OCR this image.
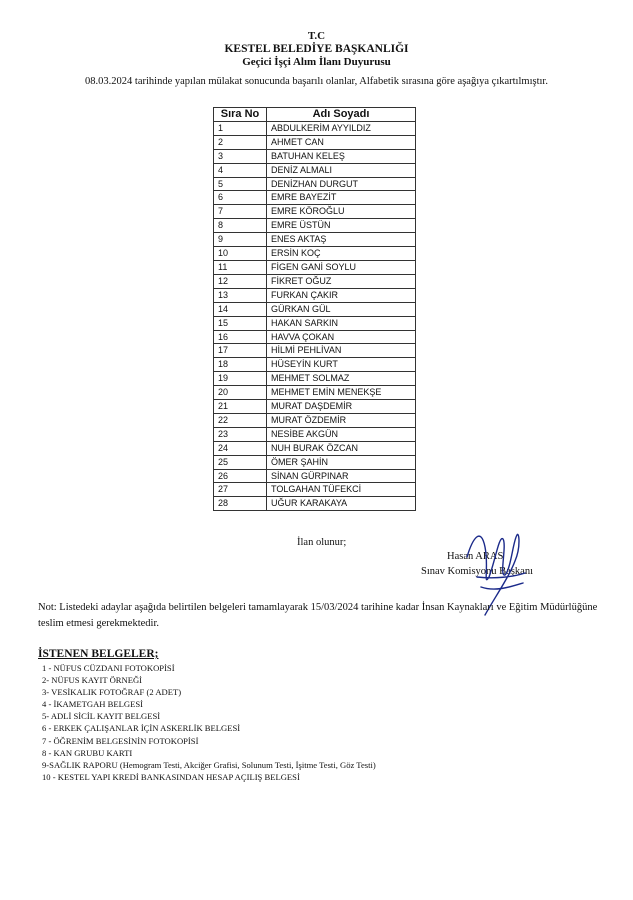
T.C
KESTEL BELEDİYE BAŞKANLIĞI
Geçici İşçi Alım İlanı Duyurusu
08.03.2024 tarihinde yapılan mülakat sonucunda başarılı olanlar, Alfabetik sırasına göre aşağıya çıkartılmıştır.
Sıra No	Adı Soyadı
1	ABDULKERİM AYYILDIZ
2	AHMET CAN
3	BATUHAN KELEŞ
4	DENİZ ALMALI
5	DENİZHAN DURGUT
6	EMRE BAYEZİT
7	EMRE KÖROĞLU
8	EMRE ÜSTÜN
9	ENES AKTAŞ
10	ERSİN KOÇ
11	FİGEN GANİ SOYLU
12	FİKRET OĞUZ
13	FURKAN ÇAKIR
14	GÜRKAN GÜL
15	HAKAN SARKIN
16	HAVVA ÇOKAN
17	HİLMİ PEHLİVAN
18	HÜSEYİN KURT
19	MEHMET SOLMAZ
20	MEHMET EMİN MENEKŞE
21	MURAT DAŞDEMİR
22	MURAT ÖZDEMİR
23	NESİBE AKGÜN
24	NUH BURAK ÖZCAN
25	ÖMER ŞAHİN
26	SİNAN GÜRPINAR
27	TOLGAHAN TÜFEKCİ
28	UĞUR KARAKAYA
İlan olunur;
Hasan ARAS
Sınav Komisyonu Başkanı
Not: Listedeki adaylar aşağıda belirtilen belgeleri tamamlayarak 15/03/2024 tarihine kadar İnsan Kaynakları ve Eğitim Müdürlüğüne teslim etmesi gerekmektedir.
İSTENEN BELGELER;
1 - NÜFUS CÜZDANI FOTOKOPİSİ
2- NÜFUS KAYIT ÖRNEĞİ
3- VESİKALIK FOTOĞRAF (2 ADET)
4 - İKAMETGAH BELGESİ
5- ADLİ SİCİL KAYIT BELGESİ
6 - ERKEK ÇALIŞANLAR İÇİN ASKERLİK BELGESİ
7 - ÖĞRENİM BELGESİNİN FOTOKOPİSİ
8 - KAN GRUBU KARTI
9-SAĞLIK RAPORU (Hemogram Testi, Akciğer Grafisi, Solunum Testi, İşitme Testi, Göz Testi)
10 - KESTEL YAPI KREDİ BANKASINDAN HESAP AÇILIŞ BELGESİ
